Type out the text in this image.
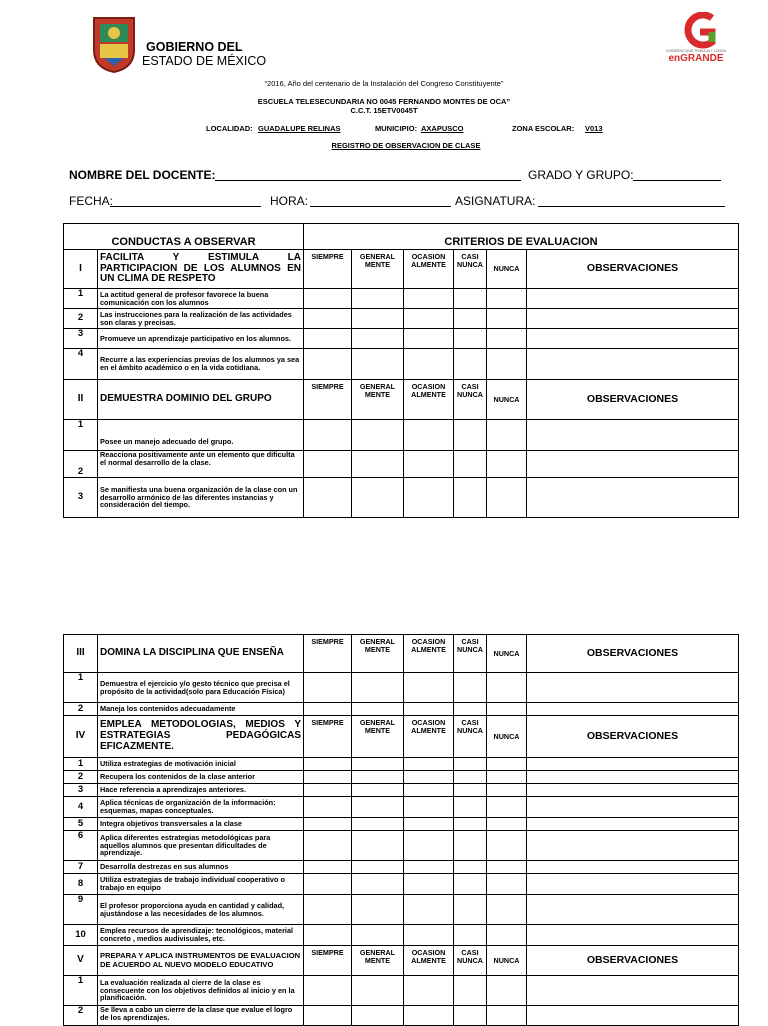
GOBIERNO DEL
ESTADO DE MÉXICO
GOBIERNO QUE TRABAJA Y LOGRA
enGRANDE
“2016, Año del centenario de la Instalación del Congreso Constituyente”
ESCUELA TELESECUNDARIA NO 0045 FERNANDO MONTES DE OCA”
C.C.T. 15ETV0045T
LOCALIDAD: GUADALUPE RELINAS	MUNICIPIO: AXAPUSCO	ZONA ESCOLAR: V013
REGISTRO DE OBSERVACION DE CLASE
NOMBRE DEL DOCENTE:	GRADO Y GRUPO:
FECHA:	HORA:	ASIGNATURA:
CONDUCTAS A OBSERVAR		CRITERIOS DE EVALUACION					
I	FACILITA Y ESTIMULA LA PARTICIPACION DE LOS ALUMNOS EN UN CLIMA DE RESPETO	SIEMPRE	GENERAL MENTE	OCASION ALMENTE	CASI NUNCA	NUNCA	OBSERVACIONES
1	La actitud general de profesor favorece la buena comunicación con los alumnos						
2	Las instrucciones para la realización de las actividades son claras y precisas.						
3	Promueve un aprendizaje participativo en los alumnos.						
4	Recurre a las experiencias previas de los alumnos ya sea en el ámbito académico o en la vida cotidiana.						
II	DEMUESTRA DOMINIO DEL GRUPO	SIEMPRE	GENERAL MENTE	OCASION ALMENTE	CASI NUNCA	NUNCA	OBSERVACIONES
1	Posee un manejo adecuado del grupo.						
2	Reacciona positivamente ante un elemento que dificulta el normal desarrollo de la clase.						
3	Se manifiesta una buena organización de la clase con un desarrollo armónico de las diferentes instancias y consideración del tiempo.						
III	DOMINA LA DISCIPLINA QUE ENSEÑA	SIEMPRE	GENERAL MENTE	OCASION ALMENTE	CASI NUNCA	NUNCA	OBSERVACIONES
1	Demuestra el ejercicio y/o gesto técnico que precisa el propósito de la actividad(solo para Educación Física)						
2	Maneja los contenidos adecuadamente						
IV	EMPLEA METODOLOGIAS, MEDIOS Y ESTRATEGIAS PEDAGÓGICAS EFICAZMENTE.	SIEMPRE	GENERAL MENTE	OCASION ALMENTE	CASI NUNCA	NUNCA	OBSERVACIONES
1	Utiliza estrategias de motivación inicial						
2	Recupera los contenidos de la clase anterior						
3	Hace referencia a aprendizajes anteriores.						
4	Aplica técnicas de organización de la información: esquemas, mapas conceptuales.						
5	Integra objetivos transversales a la clase						
6	Aplica diferentes estrategias metodológicas para aquellos alumnos que presentan dificultades de aprendizaje.						
7	Desarrolla destrezas en sus alumnos						
8	Utiliza estrategias de trabajo individual cooperativo o trabajo en equipo						
9	El profesor proporciona ayuda en cantidad y calidad, ajustándose a las necesidades de los alumnos.						
10	Emplea recursos de aprendizaje: tecnológicos, material concreto , medios audivisuales, etc.						
V	PREPARA Y APLICA INSTRUMENTOS DE EVALUACION DE ACUERDO AL NUEVO MODELO EDUCATIVO	SIEMPRE	GENERAL MENTE	OCASION ALMENTE	CASI NUNCA	NUNCA	OBSERVACIONES
1	La evaluación realizada al cierre de la clase es consecuente con los objetivos definidos al inicio y en la planificación.						
2	Se lleva a cabo un cierre de la clase que evalue el logro de los aprendizajes.						
